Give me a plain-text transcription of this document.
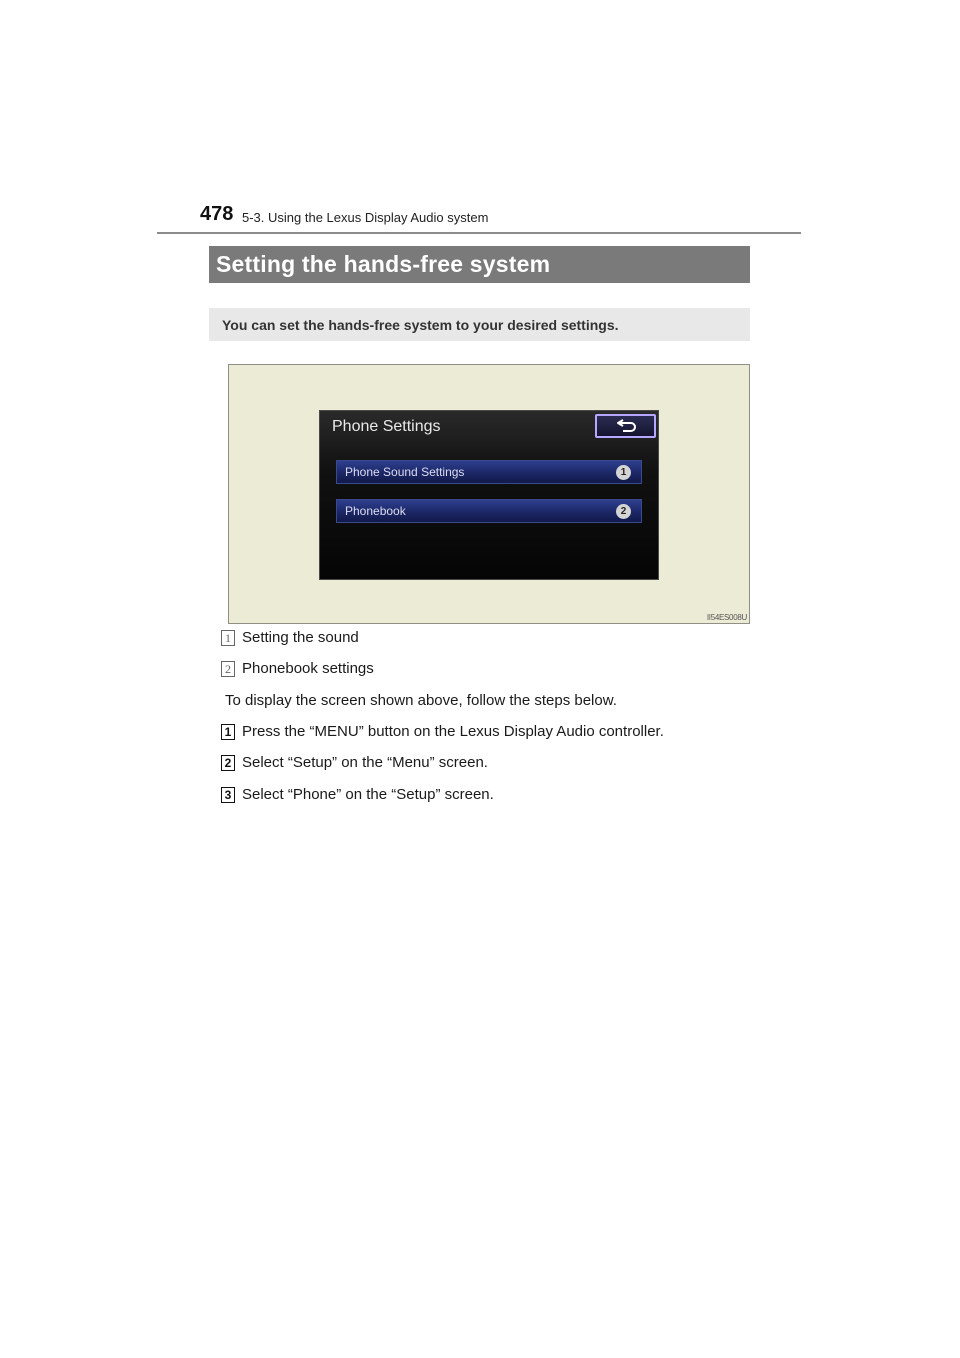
478 5-3. Using the Lexus Display Audio system
Setting the hands-free system
You can set the hands-free system to your desired settings.
Phone Settings
Phone Sound Settings	1
Phonebook	2
II54ES008U
1 Setting the sound
2 Phonebook settings
To display the screen shown above, follow the steps below.
1 Press the “MENU” button on the Lexus Display Audio controller.
2 Select “Setup” on the “Menu” screen.
3 Select “Phone” on the “Setup” screen.
